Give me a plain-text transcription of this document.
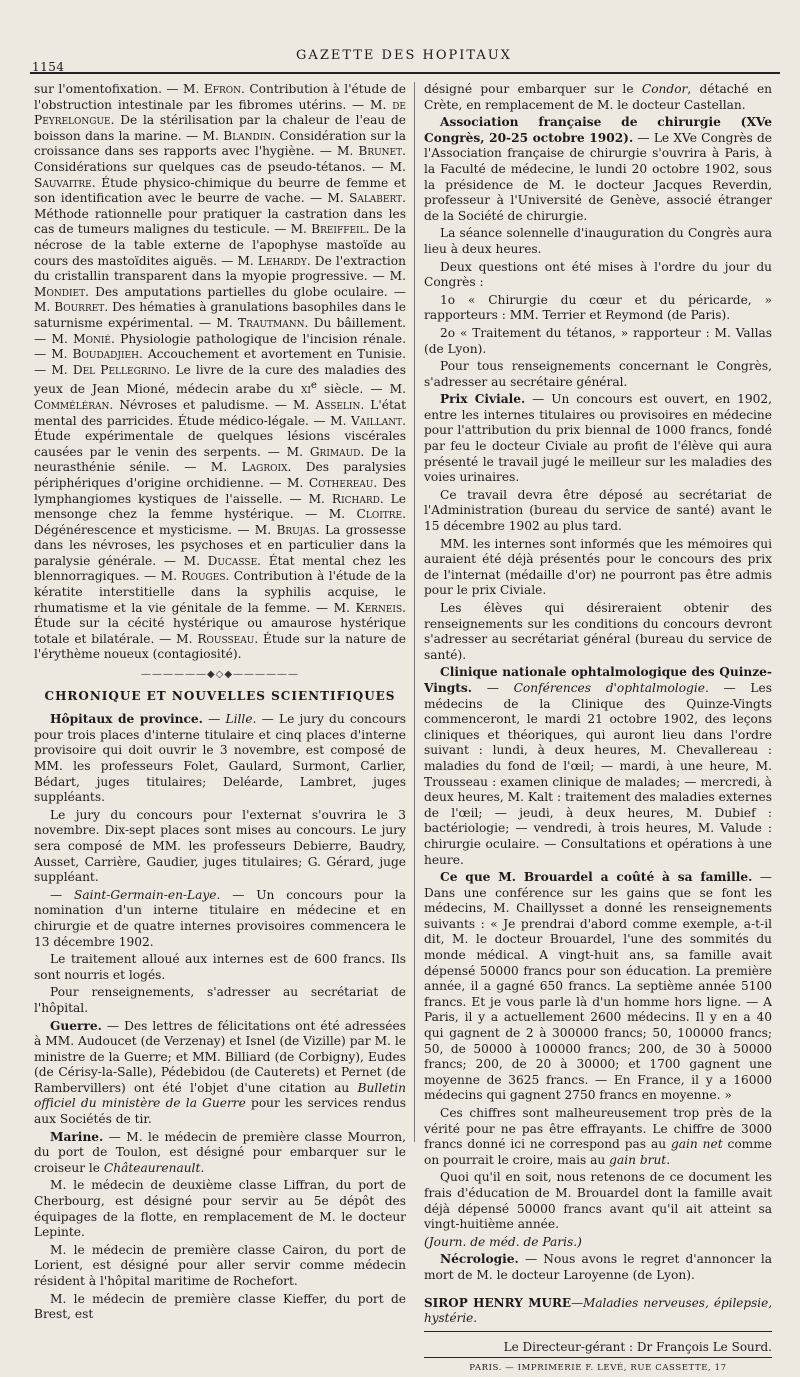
1154
GAZETTE DES HOPITAUX

sur l'omentofixation. — M. Efron. Contribution à l'étude de l'obstruction intestinale par les fibromes utérins. — M. de Peyrelongue. De la stérilisation par la chaleur de l'eau de boisson dans la marine. — M. Blandin. Considération sur la croissance dans ses rapports avec l'hygiène. — M. Brunet. Considérations sur quelques cas de pseudo-tétanos. — M. Sauvaitre. Étude physico-chimique du beurre de femme et son identification avec le beurre de vache. — M. Salabert. Méthode rationnelle pour pratiquer la castration dans les cas de tumeurs malignes du testicule. — M. Breiffeil. De la nécrose de la table externe de l'apophyse mastoïde au cours des mastoïdites aiguës. — M. Lehardy. De l'extraction du cristallin transparent dans la myopie progressive. — M. Mondiet. Des amputations partielles du globe oculaire. — M. Bourret. Des hématies à granulations basophiles dans le saturnisme expérimental. — M. Trautmann. Du bâillement. — M. Monié. Physiologie pathologique de l'incision rénale. — M. Boudadjieh. Accouchement et avortement en Tunisie. — M. Del Pellegrino. Le livre de la cure des maladies des yeux de Jean Mioné, médecin arabe du $xi^e$ siècle. — M. Comméléran. Névroses et paludisme. — M. Asselin. L'état mental des parricides. Étude médico-légale. — M. Vaillant. Étude expérimentale de quelques lésions viscérales causées par le venin des serpents. — M. Grimaud. De la neurasthénie sénile. — M. Lagroix. Des paralysies périphériques d'origine orchidienne. — M. Cothereau. Des lymphangiomes kystiques de l'aisselle. — M. Richard. Le mensonge chez la femme hystérique. — M. Cloitre. Dégénérescence et mysticisme. — M. Brujas. La grossesse dans les névroses, les psychoses et en particulier dans la paralysie générale. — M. Ducasse. État mental chez les blennorragiques. — M. Rouges. Contribution à l'étude de la kératite interstitielle dans la syphilis acquise, le rhumatisme et la vie génitale de la femme. — M. Kerneis. Étude sur la cécité hystérique ou amaurose hystérique totale et bilatérale. — M. Rousseau. Étude sur la nature de l'érythème noueux (contagiosité).

——————◆◇◆——————
CHRONIQUE ET NOUVELLES SCIENTIFIQUES

Hôpitaux de province. — Lille. — Le jury du concours pour trois places d'interne titulaire et cinq places d'interne provisoire qui doit ouvrir le 3 novembre, est composé de MM. les professeurs Folet, Gaulard, Surmont, Carlier, Bédart, juges titulaires; Deléarde, Lambret, juges suppléants.

Le jury du concours pour l'externat s'ouvrira le 3 novembre. Dix-sept places sont mises au concours. Le jury sera composé de MM. les professeurs Debierre, Baudry, Ausset, Carrière, Gaudier, juges titulaires; G. Gérard, juge suppléant.

— Saint-Germain-en-Laye. — Un concours pour la nomination d'un interne titulaire en médecine et en chirurgie et de quatre internes provisoires commencera le 13 décembre 1902.

Le traitement alloué aux internes est de 600 francs. Ils sont nourris et logés.

Pour renseignements, s'adresser au secrétariat de l'hôpital.

Guerre. — Des lettres de félicitations ont été adressées à MM. Audoucet (de Verzenay) et Isnel (de Vizille) par M. le ministre de la Guerre; et MM. Billiard (de Corbigny), Eudes (de Cérisy-la-Salle), Pédebidou (de Cauterets) et Pernet (de Rambervillers) ont été l'objet d'une citation au Bulletin officiel du ministère de la Guerre pour les services rendus aux Sociétés de tir.

Marine. — M. le médecin de première classe Mourron, du port de Toulon, est désigné pour embarquer sur le croiseur le Châteaurenault.

M. le médecin de deuxième classe Liffran, du port de Cherbourg, est désigné pour servir au 5e dépôt des équipages de la flotte, en remplacement de M. le docteur Lepinte.

M. le médecin de première classe Cairon, du port de Lorient, est désigné pour aller servir comme médecin résident à l'hôpital maritime de Rochefort.

M. le médecin de première classe Kieffer, du port de Brest, est

désigné pour embarquer sur le Condor, détaché en Crète, en remplacement de M. le docteur Castellan.

Association française de chirurgie (XVe Congrès, 20-25 octobre 1902). — Le XVe Congrès de l'Association française de chirurgie s'ouvrira à Paris, à la Faculté de médecine, le lundi 20 octobre 1902, sous la présidence de M. le docteur Jacques Reverdin, professeur à l'Université de Genève, associé étranger de la Société de chirurgie.

La séance solennelle d'inauguration du Congrès aura lieu à deux heures.

Deux questions ont été mises à l'ordre du jour du Congrès :

1o « Chirurgie du cœur et du péricarde, » rapporteurs : MM. Terrier et Reymond (de Paris).

2o « Traitement du tétanos, » rapporteur : M. Vallas (de Lyon).

Pour tous renseignements concernant le Congrès, s'adresser au secrétaire général.

Prix Civiale. — Un concours est ouvert, en 1902, entre les internes titulaires ou provisoires en médecine pour l'attribution du prix biennal de 1000 francs, fondé par feu le docteur Civiale au profit de l'élève qui aura présenté le travail jugé le meilleur sur les maladies des voies urinaires.

Ce travail devra être déposé au secrétariat de l'Administration (bureau du service de santé) avant le 15 décembre 1902 au plus tard.

MM. les internes sont informés que les mémoires qui auraient été déjà présentés pour le concours des prix de l'internat (médaille d'or) ne pourront pas être admis pour le prix Civiale.

Les élèves qui désireraient obtenir des renseignements sur les conditions du concours devront s'adresser au secrétariat général (bureau du service de santé).

Clinique nationale ophtalmologique des Quinze-Vingts. — Conférences d'ophtalmologie. — Les médecins de la Clinique des Quinze-Vingts commenceront, le mardi 21 octobre 1902, des leçons cliniques et théoriques, qui auront lieu dans l'ordre suivant : lundi, à deux heures, M. Chevallereau : maladies du fond de l'œil; — mardi, à une heure, M. Trousseau : examen clinique de malades; — mercredi, à deux heures, M. Kalt : traitement des maladies externes de l'œil; — jeudi, à deux heures, M. Dubief : bactériologie; — vendredi, à trois heures, M. Valude : chirurgie oculaire. — Consultations et opérations à une heure.

Ce que M. Brouardel a coûté à sa famille. — Dans une conférence sur les gains que se font les médecins, M. Chaillysset a donné les renseignements suivants : « Je prendrai d'abord comme exemple, a-t-il dit, M. le docteur Brouardel, l'une des sommités du monde médical. A vingt-huit ans, sa famille avait dépensé 50000 francs pour son éducation. La première année, il a gagné 650 francs. La septième année 5100 francs. Et je vous parle là d'un homme hors ligne. — A Paris, il y a actuellement 2600 médecins. Il y en a 40 qui gagnent de 2 à 300000 francs; 50, 100000 francs; 50, de 50000 à 100000 francs; 200, de 30 à 50000 francs; 200, de 20 à 30000; et 1700 gagnent une moyenne de 3625 francs. — En France, il y a 16000 médecins qui gagnent 2750 francs en moyenne. »

Ces chiffres sont malheureusement trop près de la vérité pour ne pas être effrayants. Le chiffre de 3000 francs donné ici ne correspond pas au gain net comme on pourrait le croire, mais au gain brut.

Quoi qu'il en soit, nous retenons de ce document les frais d'éducation de M. Brouardel dont la famille avait déjà dépensé 50000 francs avant qu'il ait atteint sa vingt-huitième année.

(Journ. de méd. de Paris.)

Nécrologie. — Nous avons le regret d'annoncer la mort de M. le docteur Laroyenne (de Lyon).

SIROP HENRY MURE—Maladies nerveuses, épilepsie, hystérie.
Le Directeur-gérant : Dr François Le Sourd.
PARIS. — IMPRIMERIE F. LEVÉ, RUE CASSETTE, 17
